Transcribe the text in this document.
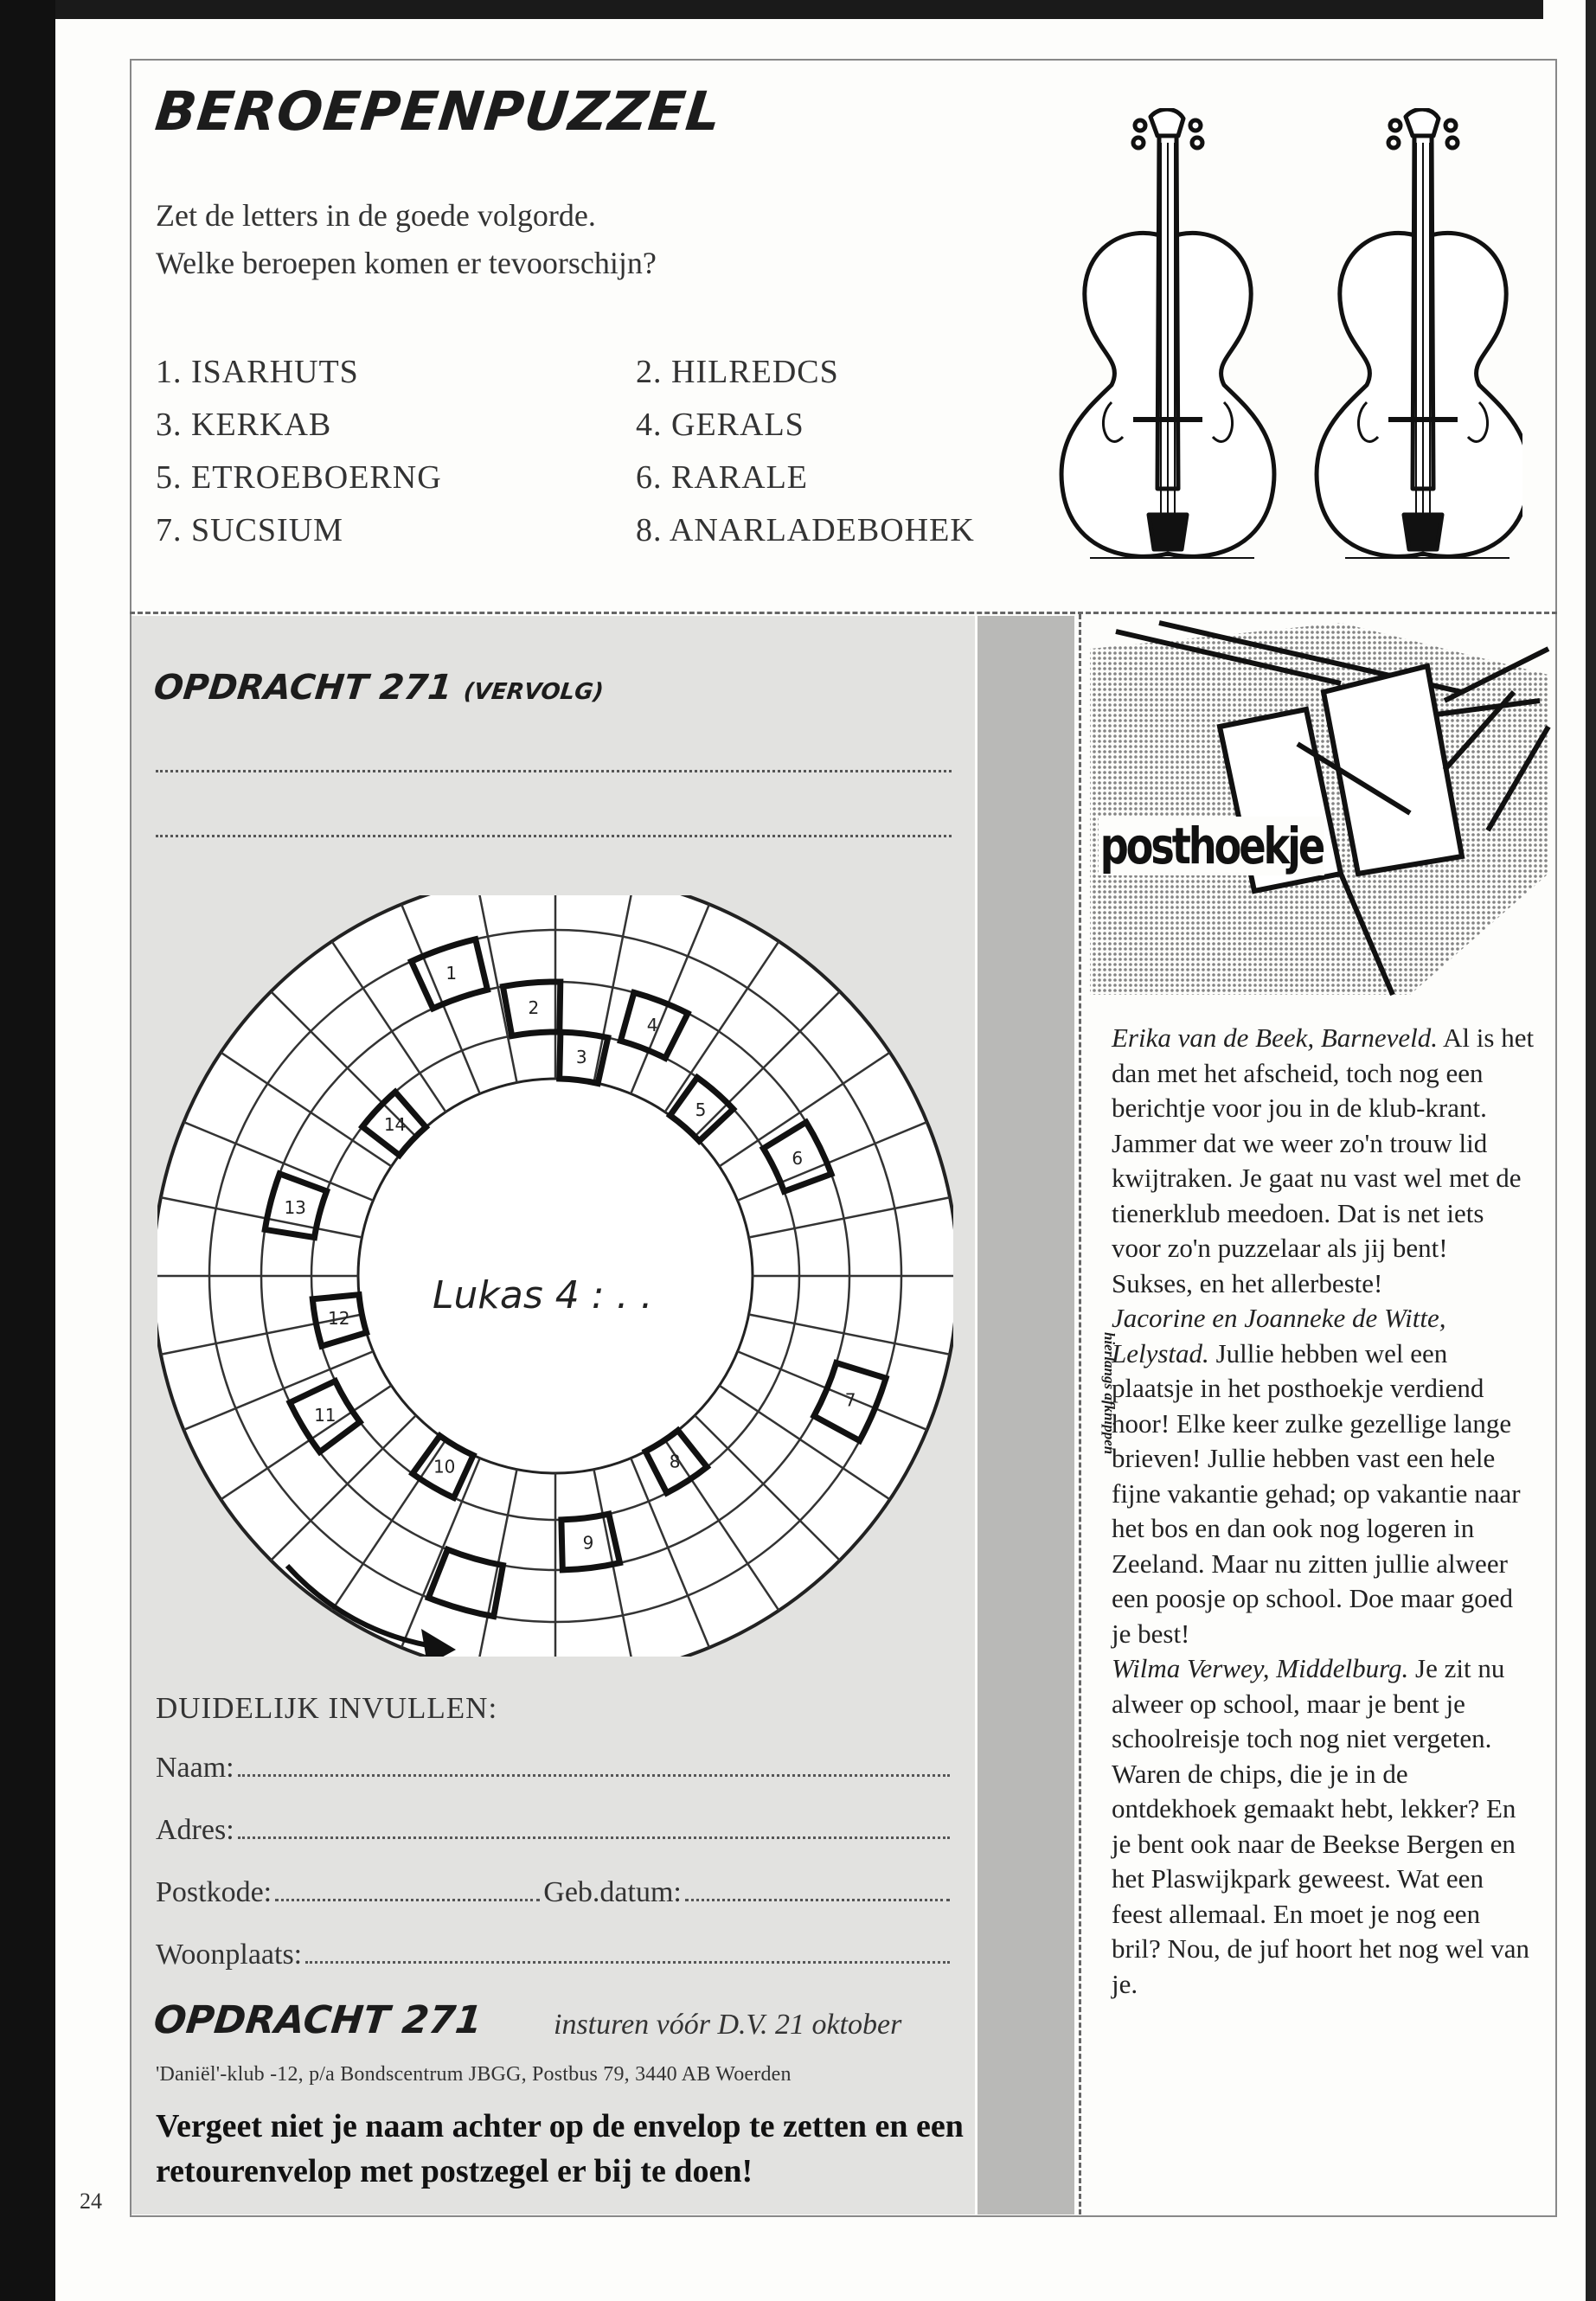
24
BEROEPENPUZZEL
Zet de letters in de goede volgorde.
Welke beroepen komen er tevoorschijn?
1. ISARHUTS
3. KERKAB
5. ETROEBOERNG
7. SUCSIUM
2. HILREDCS
4. GERALS
6. RARALE
8. ANARLADEBOHEK
hierlangs afknippen
OPDRACHT 271 (VERVOLG)
1
2
3
4
5
6
7
8
9
10
11
12
13
14
Lukas 4 : . .
DUIDELIJK INVULLEN:
Naam:
Adres:
Postkode:	Geb.datum:
Woonplaats:
OPDRACHT 271 insturen vóór D.V. 21 oktober
'Daniël'-klub -12, p/a Bondscentrum JBGG, Postbus 79, 3440 AB Woerden
Vergeet niet je naam achter op de envelop te zetten en een retourenvelop met postzegel er bij te doen!
posthoekje
Erika van de Beek, Barneveld. Al is het dan met het afscheid, toch nog een berichtje voor jou in de klub-krant. Jammer dat we weer zo'n trouw lid kwijtraken. Je gaat nu vast wel met de tienerklub meedoen. Dat is net iets voor zo'n puzzelaar als jij bent! Sukses, en het allerbeste!
Jacorine en Joanneke de Witte, Lelystad. Jullie hebben wel een plaatsje in het posthoekje verdiend hoor! Elke keer zulke gezellige lange brieven! Jullie hebben vast een hele fijne vakantie gehad; op vakantie naar het bos en dan ook nog logeren in Zeeland. Maar nu zitten jullie alweer een poosje op school. Doe maar goed je best!
Wilma Verwey, Middelburg. Je zit nu alweer op school, maar je bent je schoolreisje toch nog niet vergeten. Waren de chips, die je in de ontdekhoek gemaakt hebt, lekker? En je bent ook naar de Beekse Bergen en het Plaswijkpark geweest. Wat een feest allemaal. En moet je nog een bril? Nou, de juf hoort het nog wel van je.
